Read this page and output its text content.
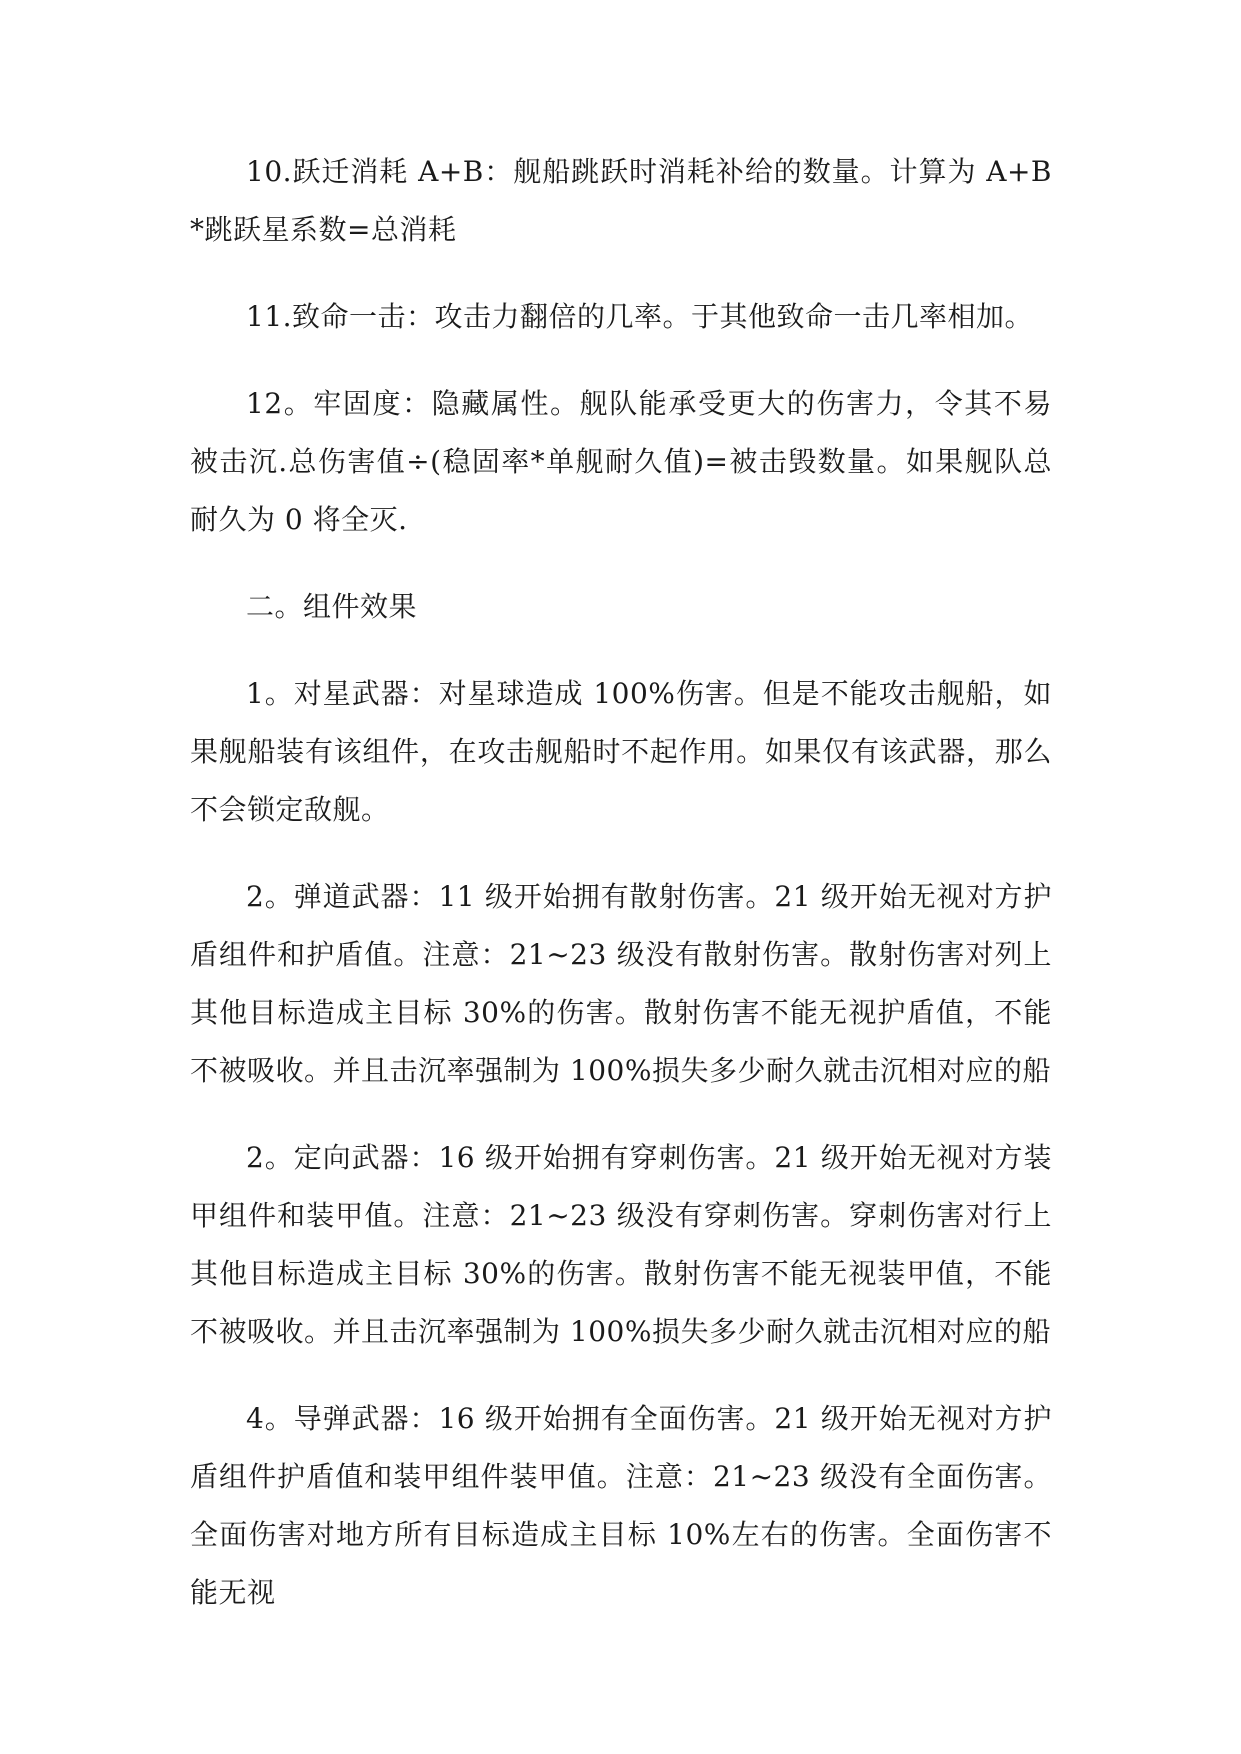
10.跃迁消耗 A+B：舰船跳跃时消耗补给的数量。计算为 A+B*跳跃星系数=总消耗

11.致命一击：攻击力翻倍的几率。于其他致命一击几率相加。

12。牢固度：隐藏属性。舰队能承受更大的伤害力，令其不易被击沉.总伤害值÷(稳固率*单舰耐久值)=被击毁数量。如果舰队总耐久为 0 将全灭.

二。组件效果

1。对星武器：对星球造成 100%伤害。但是不能攻击舰船，如果舰船装有该组件，在攻击舰船时不起作用。如果仅有该武器，那么不会锁定敌舰。

2。弹道武器：11 级开始拥有散射伤害。21 级开始无视对方护盾组件和护盾值。注意：21~23 级没有散射伤害。散射伤害对列上其他目标造成主目标 30%的伤害。散射伤害不能无视护盾值，不能不被吸收。并且击沉率强制为 100%损失多少耐久就击沉相对应的船

2。定向武器：16 级开始拥有穿刺伤害。21 级开始无视对方装甲组件和装甲值。注意：21~23 级没有穿刺伤害。穿刺伤害对行上其他目标造成主目标 30%的伤害。散射伤害不能无视装甲值，不能不被吸收。并且击沉率强制为 100%损失多少耐久就击沉相对应的船

4。导弹武器：16 级开始拥有全面伤害。21 级开始无视对方护盾组件护盾值和装甲组件装甲值。注意：21~23 级没有全面伤害。全面伤害对地方所有目标造成主目标 10%左右的伤害。全面伤害不能无视
